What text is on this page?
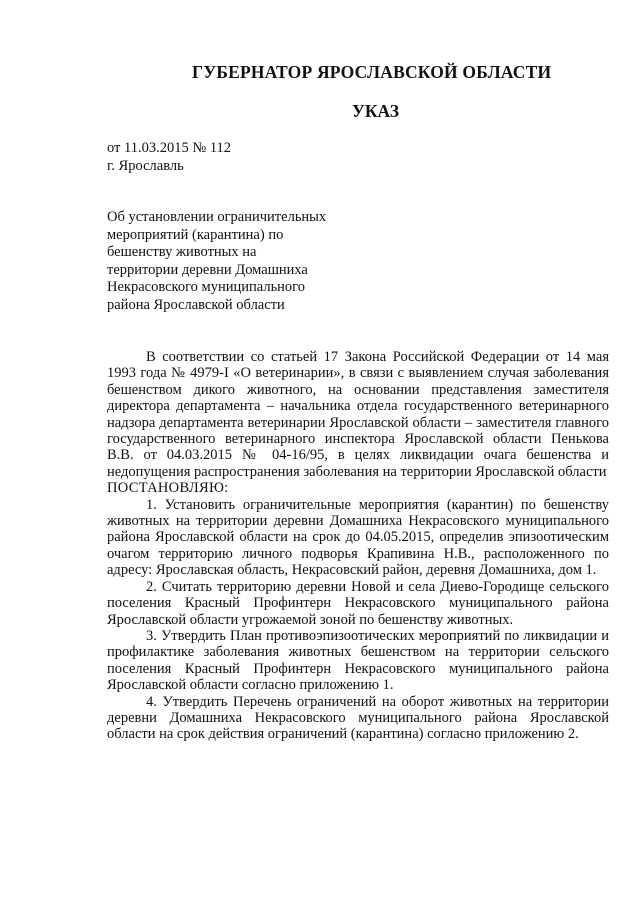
ГУБЕРНАТОР ЯРОСЛАВСКОЙ ОБЛАСТИ
УКАЗ
от 11.03.2015 № 112
г. Ярославль
Об установлении ограничительных
мероприятий (карантина) по
бешенству животных на
территории деревни Домашниха
Некрасовского муниципального
района Ярославской области

В соответствии со статьей 17 Закона Российской Федерации от 14 мая 1993 года № 4979-I «О ветеринарии», в связи с выявлением случая заболевания бешенством дикого животного, на основании представления заместителя директора департамента – начальника отдела государственного ветеринарного надзора департамента ветеринарии Ярославской области – заместителя главного государственного ветеринарного инспектора Ярославской области Пенькова В.В. от 04.03.2015 № 04-16/95, в целях ликвидации очага бешенства и недопущения распространения заболевания на территории Ярославской области

ПОСТАНОВЛЯЮ:

1. Установить ограничительные мероприятия (карантин) по бешенству животных на территории деревни Домашниха Некрасовского муниципального района Ярославской области на срок до 04.05.2015, определив эпизоотическим очагом территорию личного подворья Крапивина Н.В., расположенного по адресу: Ярославская область, Некрасовский район, деревня Домашниха, дом 1.

2. Считать территорию деревни Новой и села Диево-Городище сельского поселения Красный Профинтерн Некрасовского муниципального района Ярославской области угрожаемой зоной по бешенству животных.

3. Утвердить План противоэпизоотических мероприятий по ликвидации и профилактике заболевания животных бешенством на территории сельского поселения Красный Профинтерн Некрасовского муниципального района Ярославской области согласно приложению 1.

4. Утвердить Перечень ограничений на оборот животных на территории деревни Домашниха Некрасовского муниципального района Ярославской области на срок действия ограничений (карантина) согласно приложению 2.
